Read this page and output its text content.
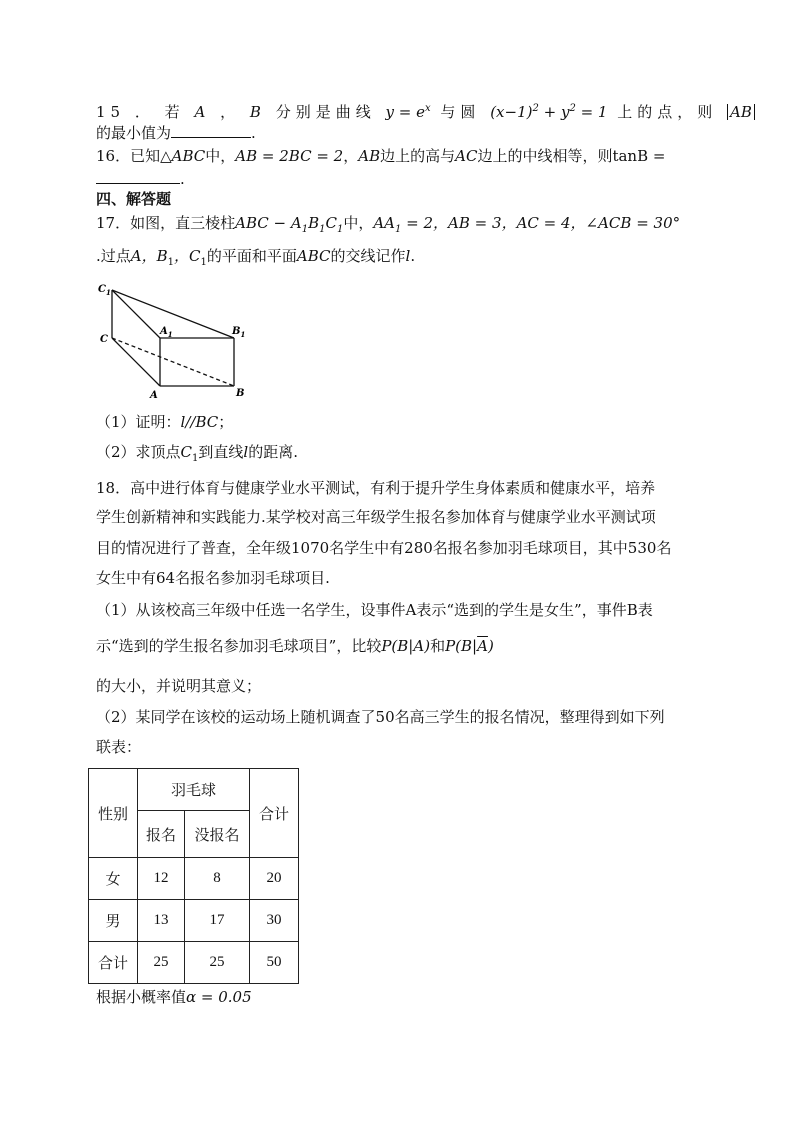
15 ． 若 A ， B 分别是曲线 $y = e^x$ 与圆 $(x-1)^2 + y^2 = 1$ 上的点，则 AB
的最小值为	.
16．已知△ABC中，AB = 2BC = 2，AB边上的高与AC边上的中线相等，则tanB =
.
四、解答题
17．如图，直三棱柱ABC − $A_1B_1C_1$中，$AA_1 = 2$，AB = 3，AC = 4，∠ACB = 30°
.过点A，$B_1$，$C_1$的平面和平面ABC的交线记作l.
$C_1$
$A_1$	$B_1$
C
A	B
（1）证明：l//BC；
（2）求顶点$C_1$到直线l的距离.
18．高中进行体育与健康学业水平测试，有利于提升学生身体素质和健康水平，培养
学生创新精神和实践能力.某学校对高三年级学生报名参加体育与健康学业水平测试项
目的情况进行了普查，全年级1070名学生中有280名报名参加羽毛球项目，其中530名
女生中有64名报名参加羽毛球项目.
（1）从该校高三年级中任选一名学生，设事件A表示“选到的学生是女生”，事件B表
示“选到的学生报名参加羽毛球项目”，比较P(B|A)和$P(B|\overline{A})$
的大小，并说明其意义；
（2）某同学在该校的运动场上随机调查了50名高三学生的报名情况，整理得到如下列
联表：
性别	羽毛球		合计
	报名	没报名	
女	12	8	20
男	13	17	30
合计	25	25	50
根据小概率值α = 0.05
